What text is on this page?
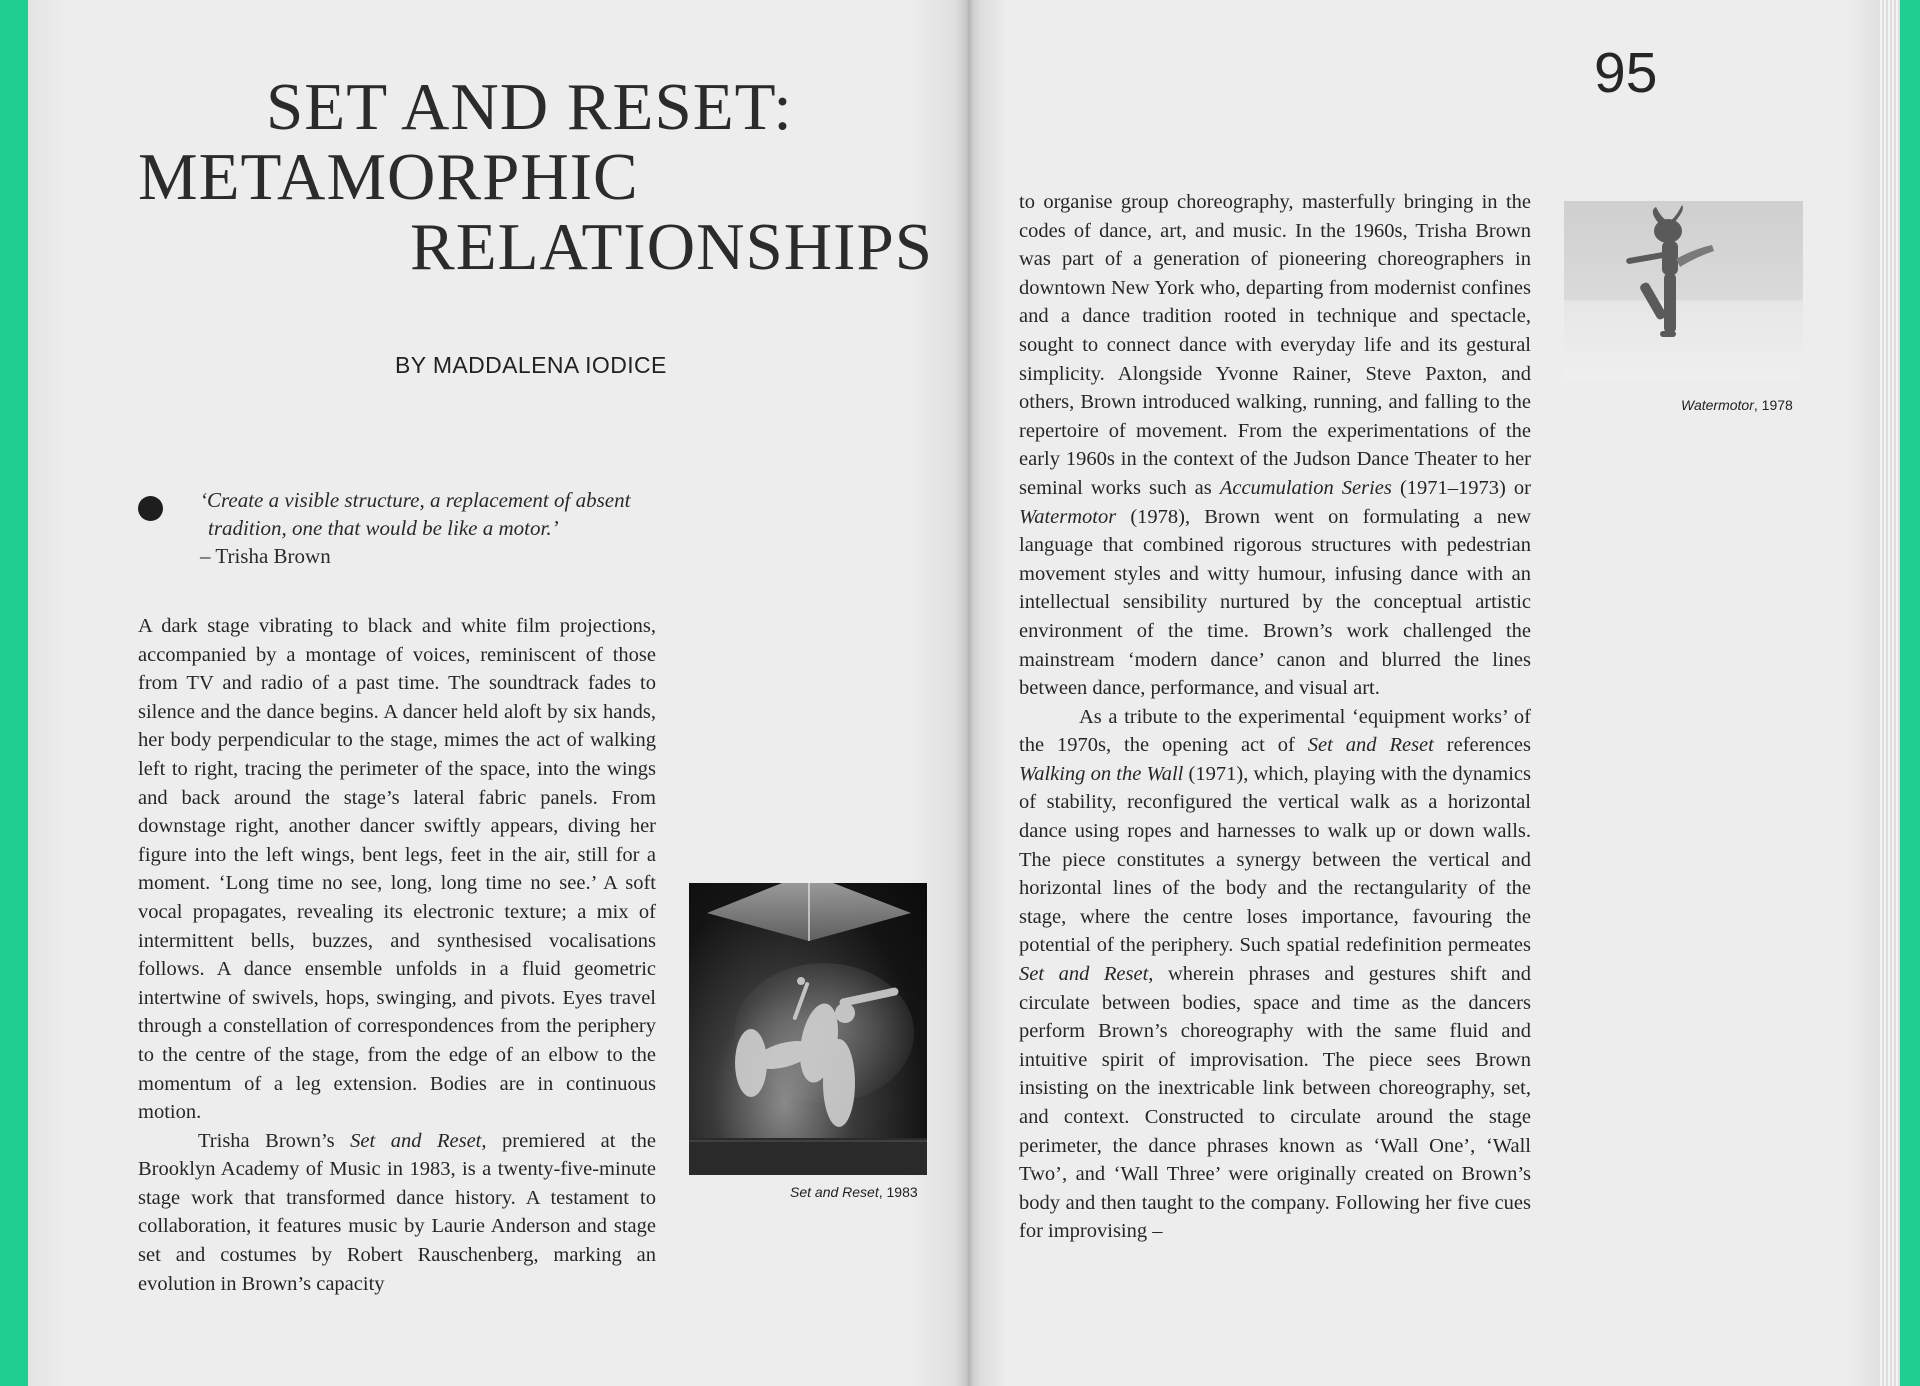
SET AND RESET:
METAMORPHIC
RELATIONSHIPS
BY MADDALENA IODICE
‘Create a visible structure, a replacement of absent
tradition, one that would be like a motor.’
– Trisha Brown

A dark stage vibrating to black and white film projections, accompanied by a montage of voices, reminiscent of those from TV and radio of a past time. The soundtrack fades to silence and the dance begins. A dancer held aloft by six hands, her body perpendicular to the stage, mimes the act of walking left to right, tracing the perimeter of the space, into the wings and back around the stage’s lateral fabric panels. From downstage right, another dancer swiftly appears, diving her figure into the left wings, bent legs, feet in the air, still for a moment. ‘Long time no see, long, long time no see.’ A soft vocal propagates, revealing its electronic texture; a mix of intermittent bells, buzzes, and synthesised vocalisations follows. A dance ensemble unfolds in a fluid geometric intertwine of swivels, hops, swinging, and pivots. Eyes travel through a constellation of correspondences from the periphery to the centre of the stage, from the edge of an elbow to the momentum of a leg extension. Bodies are in continuous motion.

Trisha Brown’s Set and Reset, premiered at the Brooklyn Academy of Music in 1983, is a twenty-five-minute stage work that transformed dance history. A testament to collaboration, it features music by Laurie Anderson and stage set and costumes by Robert Rauschenberg, marking an evolution in Brown’s capacity

Set and Reset, 1983
95
Watermotor, 1978

to organise group choreography, masterfully bringing in the codes of dance, art, and music. In the 1960s, Trisha Brown was part of a generation of pioneering choreographers in downtown New York who, departing from modernist confines and a dance tradition rooted in technique and spectacle, sought to connect dance with everyday life and its gestural simplicity. Alongside Yvonne Rainer, Steve Paxton, and others, Brown introduced walking, running, and falling to the repertoire of movement. From the experimentations of the early 1960s in the context of the Judson Dance Theater to her seminal works such as Accumulation Series (1971–1973) or Watermotor (1978), Brown went on formulating a new language that combined rigorous structures with pedestrian movement styles and witty humour, infusing dance with an intellectual sensibility nurtured by the conceptual artistic environment of the time. Brown’s work challenged the mainstream ‘modern dance’ canon and blurred the lines between dance, performance, and visual art.

As a tribute to the experimental ‘equipment works’ of the 1970s, the opening act of Set and Reset references Walking on the Wall (1971), which, playing with the dynamics of stability, reconfigured the vertical walk as a horizontal dance using ropes and harnesses to walk up or down walls. The piece constitutes a synergy between the vertical and horizontal lines of the body and the rectangularity of the stage, where the centre loses importance, favouring the potential of the periphery. Such spatial redefinition permeates Set and Reset, wherein phrases and gestures shift and circulate between bodies, space and time as the dancers perform Brown’s choreography with the same fluid and intuitive spirit of improvisation. The piece sees Brown insisting on the inextricable link between choreography, set, and context. Constructed to circulate around the stage perimeter, the dance phrases known as ‘Wall One’, ‘Wall Two’, and ‘Wall Three’ were originally created on Brown’s body and then taught to the company. Following her five cues for improvising –
